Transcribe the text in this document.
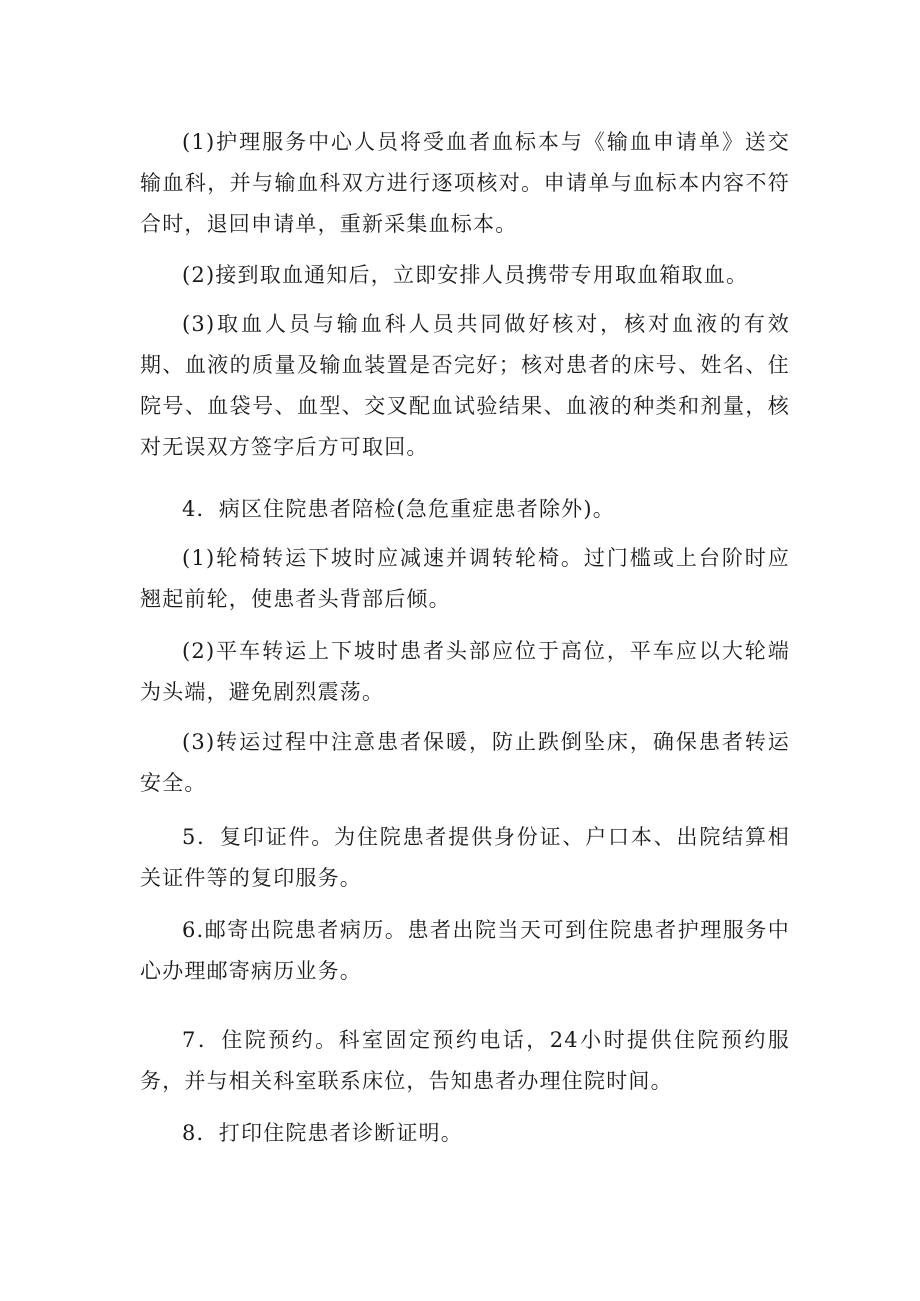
(1)护理服务中心人员将受血者血标本与《输血申请单》送交输血科，并与输血科双方进行逐项核对。申请单与血标本内容不符合时，退回申请单，重新采集血标本。

(2)接到取血通知后，立即安排人员携带专用取血箱取血。

(3)取血人员与输血科人员共同做好核对，核对血液的有效期、血液的质量及输血装置是否完好；核对患者的床号、姓名、住院号、血袋号、血型、交叉配血试验结果、血液的种类和剂量，核对无误双方签字后方可取回。

4．病区住院患者陪检(急危重症患者除外)。

(1)轮椅转运下坡时应减速并调转轮椅。过门槛或上台阶时应翘起前轮，使患者头背部后倾。

(2)平车转运上下坡时患者头部应位于高位，平车应以大轮端为头端，避免剧烈震荡。

(3)转运过程中注意患者保暖，防止跌倒坠床，确保患者转运安全。

5．复印证件。为住院患者提供身份证、户口本、出院结算相关证件等的复印服务。

6.邮寄出院患者病历。患者出院当天可到住院患者护理服务中心办理邮寄病历业务。

7．住院预约。科室固定预约电话，24小时提供住院预约服务，并与相关科室联系床位，告知患者办理住院时间。

8．打印住院患者诊断证明。
